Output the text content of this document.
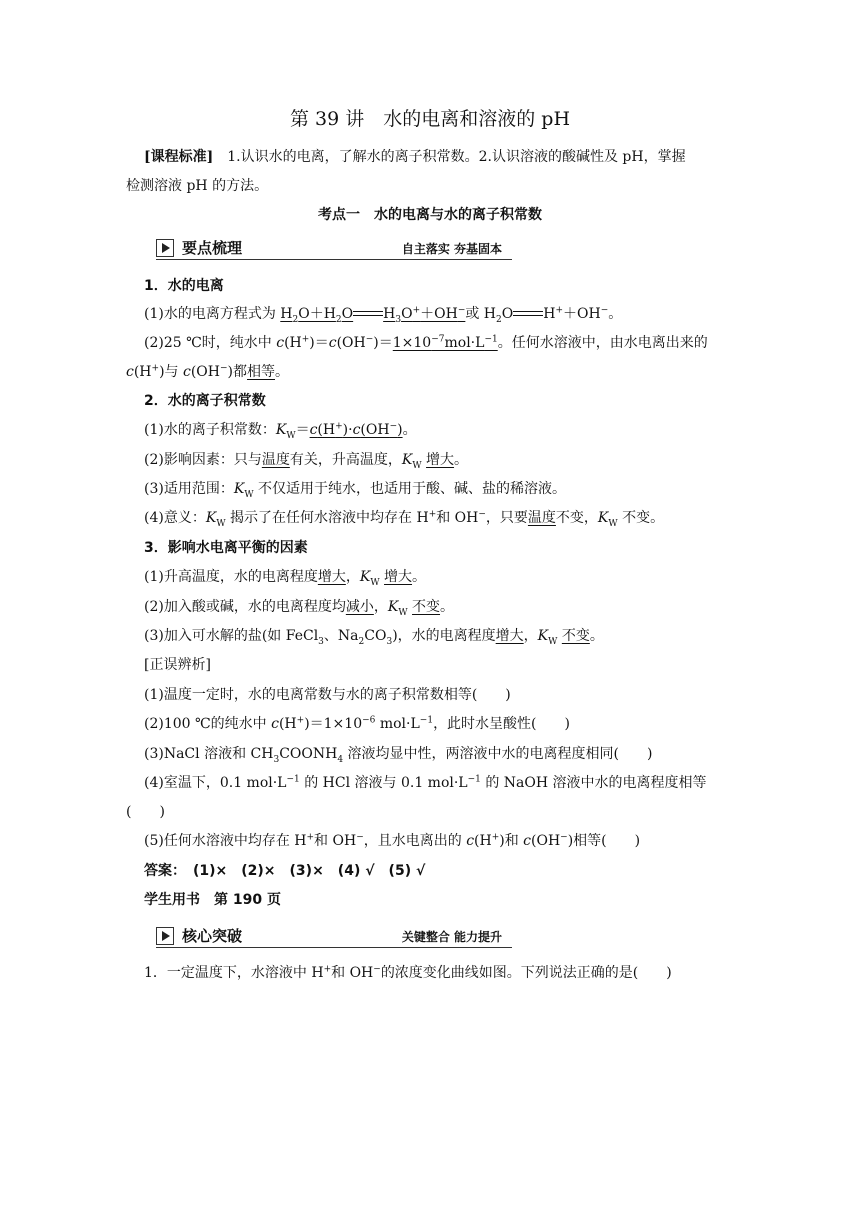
第 39 讲　水的电离和溶液的 pH
[课程标准]　1.认识水的电离，了解水的离子积常数。2.认识溶液的酸碱性及 pH，掌握
检测溶液 pH 的方法。
考点一　水的电离与水的离子积常数
要点梳理	自主落实 夯基固本
1．水的电离
(1)水的电离方程式为 $H_2O+H_2O$ $H_3O^++OH^-$或 $H_2O$ H+＋OH−。
(2)25 ℃时，纯水中 $c(H^+)=c(OH^-)=1\times 10^{-7}mol\cdot L^{-1}$。任何水溶液中，由水电离出来的
c(H+)与 c(OH−)都相等。
2．水的离子积常数
(1)水的离子积常数：$K_W=c(H^+)\cdot c(OH^-)$。
(2)影响因素：只与温度有关，升高温度，$K_W$ 增大。
(3)适用范围：$K_W$ 不仅适用于纯水，也适用于酸、碱、盐的稀溶液。
(4)意义：$K_W$ 揭示了在任何水溶液中均存在 H+和 OH−，只要温度不变，$K_W$ 不变。
3．影响水电离平衡的因素
(1)升高温度，水的电离程度增大，$K_W$ 增大。
(2)加入酸或碱，水的电离程度均减小，$K_W$ 不变。
(3)加入可水解的盐(如 FeCl$_3$、$Na_2CO_3$)，水的电离程度增大，$K_W$ 不变。
[正误辨析]
(1)温度一定时，水的电离常数与水的离子积常数相等(　　)
(2)100 ℃的纯水中 $c(H^+)=1\times 10^{-6}$ $mol\cdot L^{-1}$，此时水呈酸性(　　)
(3)NaCl 溶液和 $CH_3COONH_4$ 溶液均显中性，两溶液中水的电离程度相同(　　)
(4)室温下，0.1 $mol\cdot L^{-1}$ 的 HCl 溶液与 0.1 $mol\cdot L^{-1}$ 的 NaOH 溶液中水的电离程度相等
(　　)
(5)任何水溶液中均存在 H+和 OH−，且水电离出的 c(H+)和 c(OH−)相等(　　)
答案：　(1)×　(2)×　(3)×　(4) √　(5) √
学生用书　第 190 页
核心突破	关键整合 能力提升
1．一定温度下，水溶液中 H+和 OH−的浓度变化曲线如图。下列说法正确的是(　　)
